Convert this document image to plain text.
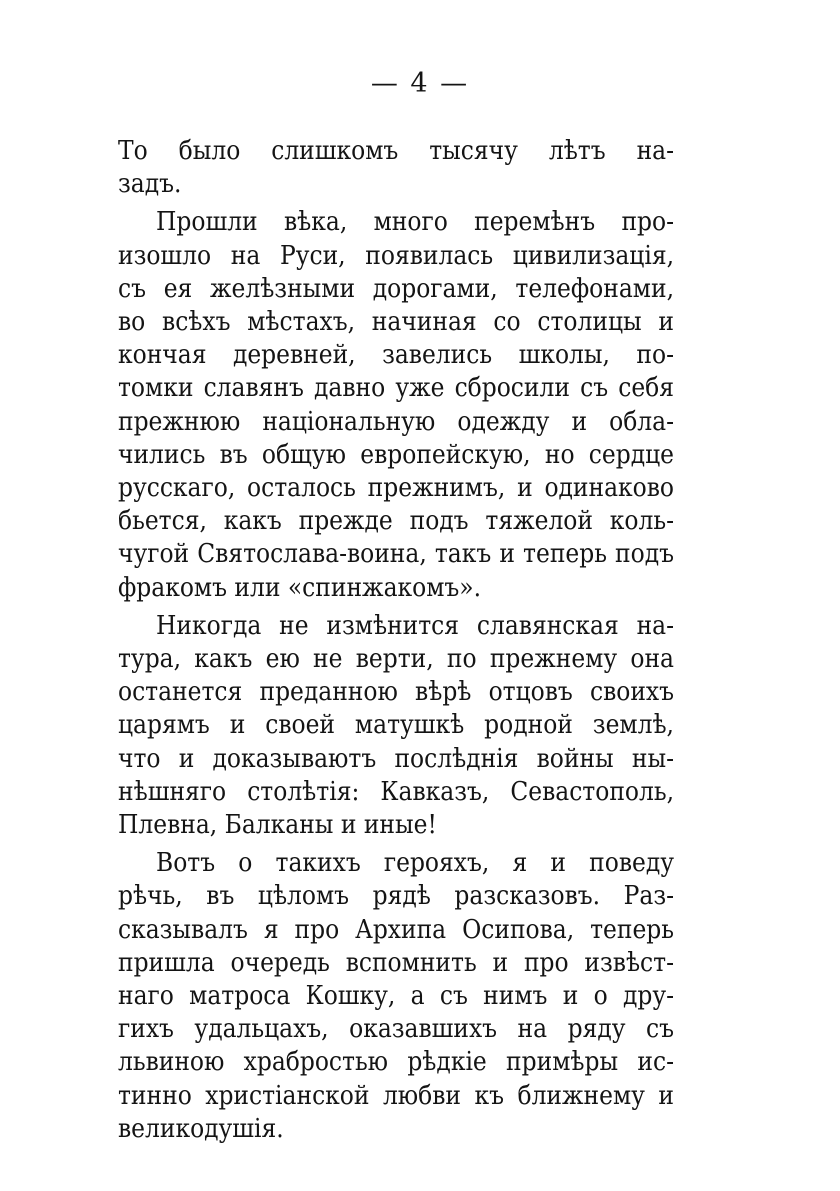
— 4 —
То было слишкомъ тысячу лѣтъ на-
задъ.
Прошли вѣка, много перемѣнъ про-
изошло на Руси, появилась цивилизація,
съ ея желѣзными дорогами, телефонами,
во всѣхъ мѣстахъ, начиная со столицы и
кончая деревней, завелись школы, по-
томки славянъ давно уже сбросили съ себя
прежнюю національную одежду и обла-
чились въ общую европейскую, но сердце
русскаго, осталось прежнимъ, и одинаково
бьется, какъ прежде подъ тяжелой коль-
чугой Святослава-воина, такъ и теперь подъ
фракомъ или «спинжакомъ».
Никогда не измѣнится славянская на-
тура, какъ ею не верти, по прежнему она
останется преданною вѣрѣ отцовъ своихъ
царямъ и своей матушкѣ родной землѣ,
что и доказываютъ послѣднія войны ны-
нѣшняго столѣтія: Кавказъ, Севастополь,
Плевна, Балканы и иные!
Вотъ о такихъ герояхъ, я и поведу
рѣчь, въ цѣломъ рядѣ разсказовъ. Раз-
сказывалъ я про Архипа Осипова, теперь
пришла очередь вспомнить и про извѣст-
наго матроса Кошку, а съ нимъ и о дру-
гихъ удальцахъ, оказавшихъ на ряду съ
львиною храбростью рѣдкіе примѣры ис-
тинно христіанской любви къ ближнему и
великодушія.
